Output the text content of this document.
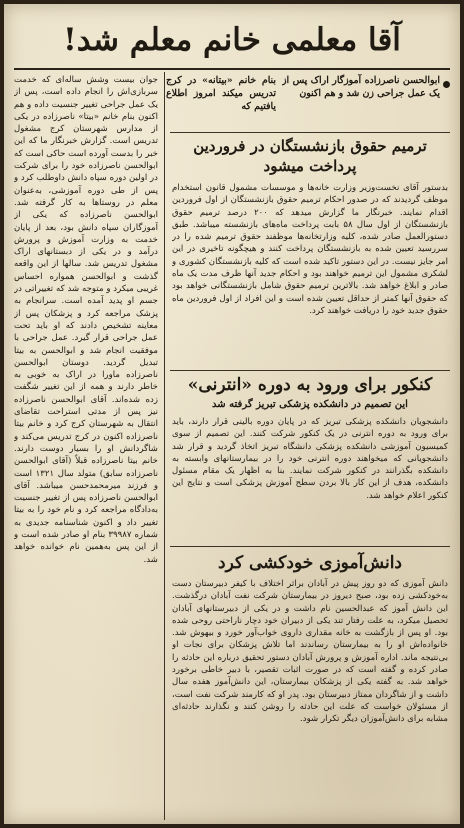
آقا معلمی خانم معلم شد!
ابوالحسن ناصرزاده آموزگار اراک پس از یک عمل جراحی زن شد و هم اکنون
بنام خانم «بیتانه» در کرج تدریس میکند امروز اطلاع یافتیم که
جوان بیست وشش ساله‌ای که خدمت سربازی‌اش را انجام داده است، پس از یک عمل جراحی تغییر جنسیت داده و هم اکنون بنام خانم «بیتا» ناصرزاده در یکی از مدارس شهرستان کرج مشغول تدریس است. گزارش خبرنگار ما که این خبر را بدست آورده است حاکی است که ابوالحسن ناصرزاده خود را برای شرکت در اولین دوره سپاه دانش داوطلب کرد و پس از طی دوره آموزشی، به‌عنوان معلم در روستاها به کار گرفته شد. ابوالحسن ناصرزاده که یکی از آموزگاران سپاه دانش بود، بعد از پایان خدمت به وزارت آموزش و پرورش درآمد و در یکی از دبستانهای اراک مشغول تدریس شد. سالها از این واقعه گذشت و ابوالحسن همواره احساس غریبی میکرد و متوجه شد که تغییراتی در جسم او پدید آمده است. سرانجام به پزشک مراجعه کرد و پزشکان پس از معاینه تشخیص دادند که او باید تحت عمل جراحی قرار گیرد. عمل جراحی با موفقیت انجام شد و ابوالحسن به بیتا تبدیل گردید. دوستان ابوالحسن ناصرزاده ماورا در اراک به خوبی به خاطر دارند و همه از این تغییر شگفت زده شده‌اند. آقای ابوالحسن ناصرزاده نیز پس از مدتی استراحت تقاضای انتقال به شهرستان کرج کرد و خانم بیتا ناصرزاده اکنون در کرج تدریس می‌کند و شاگردانش او را بسیار دوست دارند. خانم بیتا ناصرزاده قبلاً (آقای ابوالحسن ناصرزاده سابق) متولد سال ۱۳۲۱ است و فرزند میرمحمدحسن میباشد. آقای ابوالحسن ناصرزاده پس از تغییر جنسیت به‌دادگاه مراجعه کرد و نام خود را به بیتا تغییر داد و اکنون شناسنامه جدیدی به شماره ۳۹۹۸۷ بنام او صادر شده است و از این پس به‌همین نام خوانده خواهد شد.
ترمیم حقوق بازنشستگان در فروردین پرداخت میشود
بدستور آقای نخست‌وزیر وزارت خانه‌ها و موسسات مشمول قانون استخدام موظف گردیدند که در صدور احکام ترمیم حقوق بازنشستگان از اول فروردین اقدام نمایند. خبرنگار ما گزارش میدهد که ۲۰۰ درصد ترمیم حقوق بازنشستگان از اول سال ۵۸ بابت پرداخت ماه‌های بازنشسته میباشد. طبق دستورالعمل صادر شده، کلیه وزارتخانه‌ها موظفند حقوق ترمیم شده را در سررسید تعیین شده به بازنشستگان پرداخت کنند و هیچگونه تاخیری در این امر جایز نیست. در این دستور تاکید شده است که کلیه بازنشستگان کشوری و لشکری مشمول این ترمیم خواهند بود و احکام جدید آنها ظرف مدت یک ماه صادر و ابلاغ خواهد شد. بالاترین ترمیم حقوق شامل بازنشستگانی خواهد بود که حقوق آنها کمتر از حداقل تعیین شده است و این افراد از اول فروردین ماه حقوق جدید خود را دریافت خواهند کرد.
کنکور برای ورود به دوره «انترنی»
این تصمیم در دانشکده پزشکی تبریز گرفته شد
دانشجویان دانشکده پزشکی تبریز که در پایان دوره بالینی قرار دارند، باید برای ورود به دوره انترنی در یک کنکور شرکت کنند. این تصمیم از سوی کمیسیون آموزشی دانشکده پزشکی دانشگاه تبریز اتخاذ گردید و قرار شد دانشجویانی که میخواهند دوره انترنی خود را در بیمارستانهای وابسته به دانشکده بگذرانند در کنکور شرکت نمایند. بنا به اظهار یک مقام مسئول دانشکده، هدف از این کار بالا بردن سطح آموزش پزشکی است و نتایج این کنکور اعلام خواهد شد.
دانش‌آموزی خودکشی کرد
دانش آموزی که دو روز پیش در آبادان براثر اختلاف با کیفر دبیرستان دست به‌خودکشی زده بود، صبح دیروز در بیمارستان شرکت نفت آبادان درگذشت. این دانش آموز که عبدالحسین نام داشت و در یکی از دبیرستانهای آبادان تحصیل میکرد، به علت رفتار تند یکی از دبیران خود دچار ناراحتی روحی شده بود. او پس از بازگشت به خانه مقداری داروی خواب‌آور خورد و بیهوش شد. خانواده‌اش او را به بیمارستان رساندند اما تلاش پزشکان برای نجات او بی‌نتیجه ماند. اداره آموزش و پرورش آبادان دستور تحقیق درباره این حادثه را صادر کرده و گفته است که در صورت اثبات تقصیر، با دبیر خاطی برخورد خواهد شد. به گفته یکی از پزشکان بیمارستان، این دانش‌آموز هفده سال داشت و از شاگردان ممتاز دبیرستان بود. پدر او که کارمند شرکت نفت است، از مسئولان خواست که علت این حادثه را روشن کنند و نگذارند حادثه‌ای مشابه برای دانش‌آموزان دیگر تکرار شود.
